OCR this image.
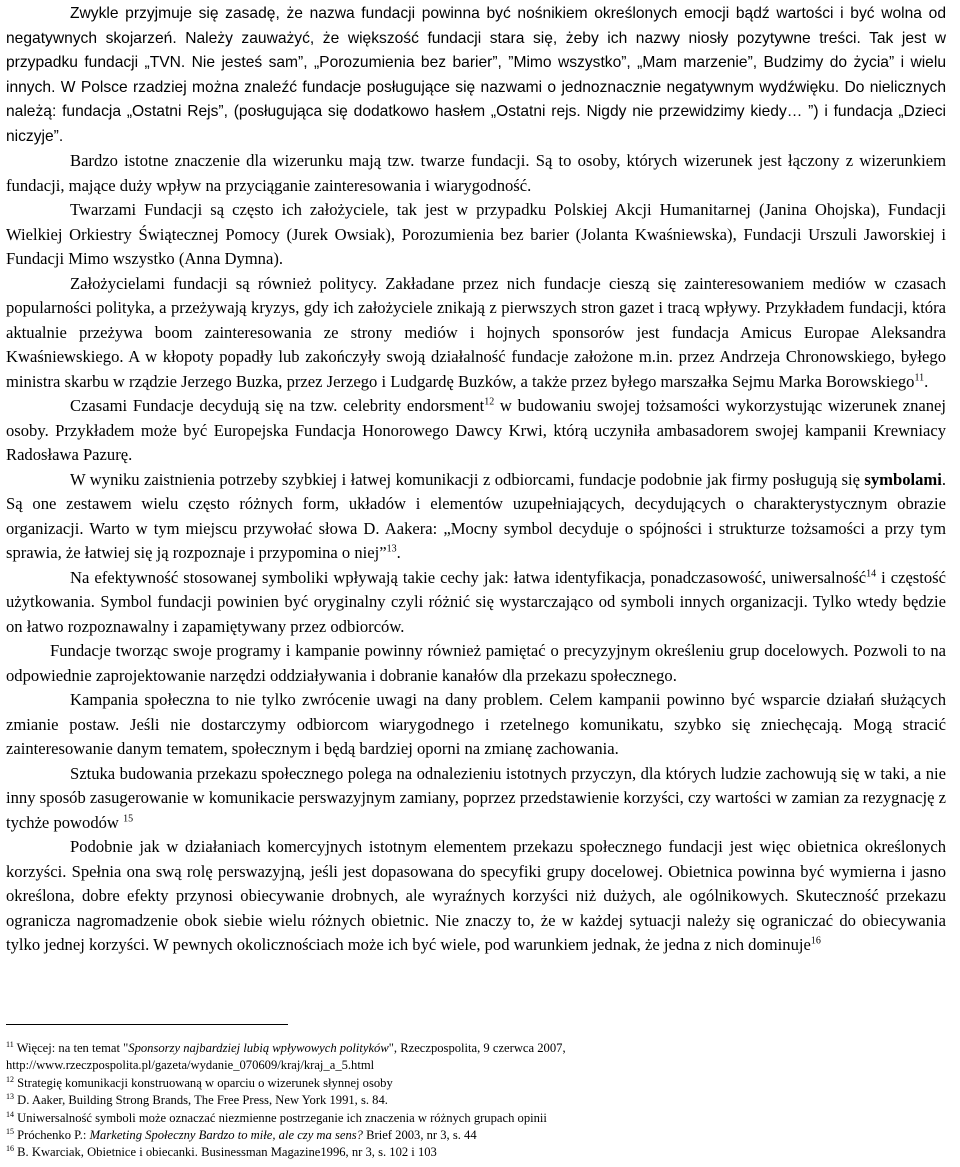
Zwykle przyjmuje się zasadę, że nazwa fundacji powinna być nośnikiem określonych emocji bądź wartości i być wolna od negatywnych skojarzeń. Należy zauważyć, że większość fundacji stara się, żeby ich nazwy niosły pozytywne treści. Tak jest w przypadku fundacji „TVN. Nie jesteś sam”, „Porozumienia bez barier”, ”Mimo wszystko”, „Mam marzenie”, Budzimy do życia” i wielu innych. W Polsce rzadziej można znaleźć fundacje posługujące się nazwami o jednoznacznie negatywnym wydźwięku. Do nielicznych należą: fundacja „Ostatni Rejs”, (posługująca się dodatkowo hasłem „Ostatni rejs. Nigdy nie przewidzimy kiedy… ”) i fundacja „Dzieci niczyje”.

Bardzo istotne znaczenie dla wizerunku mają tzw. twarze fundacji. Są to osoby, których wizerunek jest łączony z wizerunkiem fundacji, mające duży wpływ na przyciąganie zainteresowania i wiarygodność.

Twarzami Fundacji są często ich założyciele, tak jest w przypadku Polskiej Akcji Humanitarnej (Janina Ohojska), Fundacji Wielkiej Orkiestry Świątecznej Pomocy (Jurek Owsiak), Porozumienia bez barier (Jolanta Kwaśniewska), Fundacji Urszuli Jaworskiej i Fundacji Mimo wszystko (Anna Dymna).

Założycielami fundacji są również politycy. Zakładane przez nich fundacje cieszą się zainteresowaniem mediów w czasach popularności polityka, a przeżywają kryzys, gdy ich założyciele znikają z pierwszych stron gazet i tracą wpływy. Przykładem fundacji, która aktualnie przeżywa boom zainteresowania ze strony mediów i hojnych sponsorów jest fundacja Amicus Europae Aleksandra Kwaśniewskiego. A w kłopoty popadły lub zakończyły swoją działalność fundacje założone m.in. przez Andrzeja Chronowskiego, byłego ministra skarbu w rządzie Jerzego Buzka, przez Jerzego i Ludgardę Buzków, a także przez byłego marszałka Sejmu Marka Borowskiego$^{11}$.

Czasami Fundacje decydują się na tzw. celebrity endorsment$^{12}$ w budowaniu swojej tożsamości wykorzystując wizerunek znanej osoby. Przykładem może być Europejska Fundacja Honorowego Dawcy Krwi, którą uczyniła ambasadorem swojej kampanii Krewniacy Radosława Pazurę.

W wyniku zaistnienia potrzeby szybkiej i łatwej komunikacji z odbiorcami, fundacje podobnie jak firmy posługują się symbolami. Są one zestawem wielu często różnych form, układów i elementów uzupełniających, decydujących o charakterystycznym obrazie organizacji. Warto w tym miejscu przywołać słowa D. Aakera: „Mocny symbol decyduje o spójności i strukturze tożsamości a przy tym sprawia, że łatwiej się ją rozpoznaje i przypomina o niej”$^{13}$.

Na efektywność stosowanej symboliki wpływają takie cechy jak: łatwa identyfikacja, ponadczasowość, uniwersalność$^{14}$ i częstość użytkowania. Symbol fundacji powinien być oryginalny czyli różnić się wystarczająco od symboli innych organizacji. Tylko wtedy będzie on łatwo rozpoznawalny i zapamiętywany przez odbiorców.

Fundacje tworząc swoje programy i kampanie powinny również pamiętać o precyzyjnym określeniu grup docelowych. Pozwoli to na odpowiednie zaprojektowanie narzędzi oddziaływania i dobranie kanałów dla przekazu społecznego.

Kampania społeczna to nie tylko zwrócenie uwagi na dany problem. Celem kampanii powinno być wsparcie działań służących zmianie postaw. Jeśli nie dostarczymy odbiorcom wiarygodnego i rzetelnego komunikatu, szybko się zniechęcają. Mogą stracić zainteresowanie danym tematem, społecznym i będą bardziej oporni na zmianę zachowania.

Sztuka budowania przekazu społecznego polega na odnalezieniu istotnych przyczyn, dla których ludzie zachowują się w taki, a nie inny sposób zasugerowanie w komunikacie perswazyjnym zamiany, poprzez przedstawienie korzyści, czy wartości w zamian za rezygnację z tychże powodów $^{15}$

Podobnie jak w działaniach komercyjnych istotnym elementem przekazu społecznego fundacji jest więc obietnica określonych korzyści. Spełnia ona swą rolę perswazyjną, jeśli jest dopasowana do specyfiki grupy docelowej. Obietnica powinna być wymierna i jasno określona, dobre efekty przynosi obiecywanie drobnych, ale wyraźnych korzyści niż dużych, ale ogólnikowych. Skuteczność przekazu ogranicza nagromadzenie obok siebie wielu różnych obietnic. Nie znaczy to, że w każdej sytuacji należy się ograniczać do obiecywania tylko jednej korzyści. W pewnych okolicznościach może ich być wiele, pod warunkiem jednak, że jedna z nich dominuje$^{16}$

$^{11}$ Więcej: na ten temat "Sponsorzy najbardziej lubią wpływowych polityków", Rzeczpospolita, 9 czerwca 2007,

http://www.rzeczpospolita.pl/gazeta/wydanie_070609/kraj/kraj_a_5.html

$^{12}$ Strategię komunikacji konstruowaną w oparciu o wizerunek słynnej osoby

$^{13}$ D. Aaker, Building Strong Brands, The Free Press, New York 1991, s. 84.

$^{14}$ Uniwersalność symboli może oznaczać niezmienne postrzeganie ich znaczenia w różnych grupach opinii

$^{15}$ Próchenko P.: Marketing Społeczny Bardzo to miłe, ale czy ma sens? Brief 2003, nr 3, s. 44

$^{16}$ B. Kwarciak, Obietnice i obiecanki. Businessman Magazine1996, nr 3, s. 102 i 103
